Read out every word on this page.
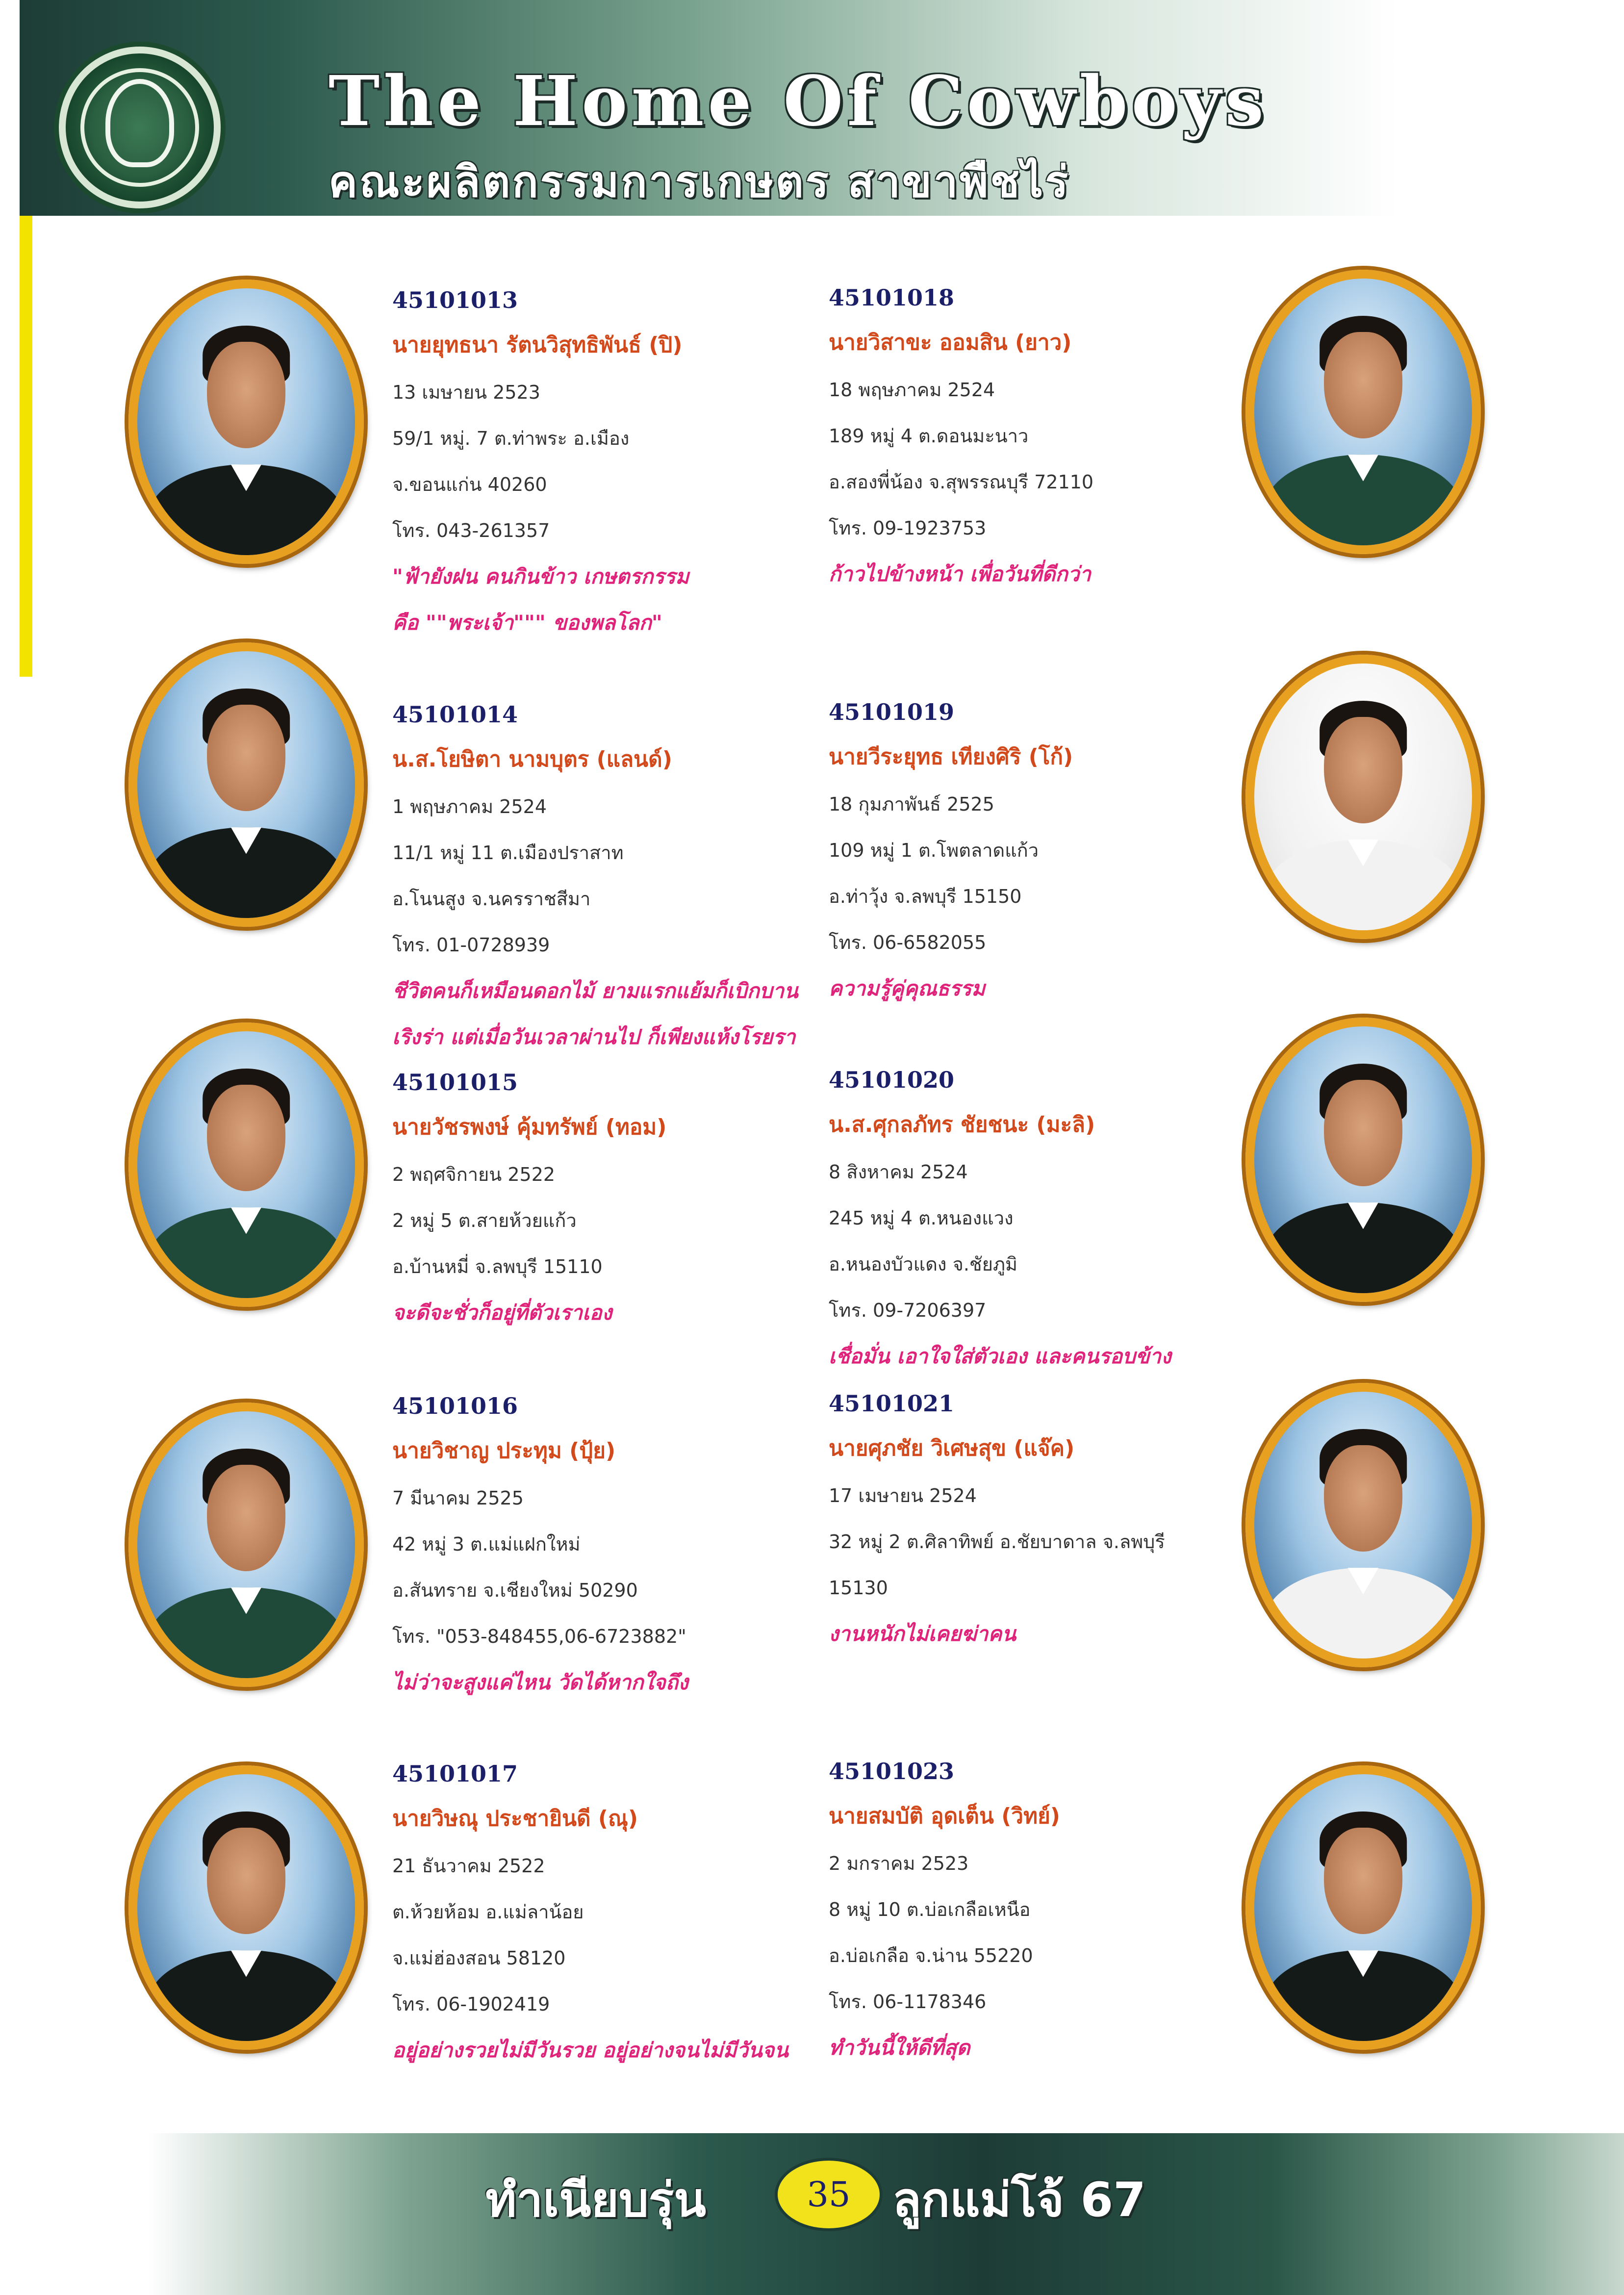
The Home Of Cowboys
คณะผลิตกรรมการเกษตร สาขาพืชไร่
45101013
นายยุทธนา รัตนวิสุทธิพันธ์ (ปิ)
13 เมษายน 2523
59/1 หมู่. 7 ต.ท่าพระ อ.เมือง
จ.ขอนแก่น 40260
โทร. 043-261357
"ฟ้ายังฝน คนกินข้าว เกษตรกรรม
คือ ""พระเจ้า""" ของพลโลก"
45101014
น.ส.โยษิตา นามบุตร (แลนด์)
1 พฤษภาคม 2524
11/1 หมู่ 11 ต.เมืองปราสาท
อ.โนนสูง จ.นครราชสีมา
โทร. 01-0728939
ชีวิตคนก็เหมือนดอกไม้ ยามแรกแย้มก็เบิกบาน
เริงร่า แต่เมื่อวันเวลาผ่านไป ก็เพียงแห้งโรยรา
45101015
นายวัชรพงษ์ คุ้มทรัพย์ (ทอม)
2 พฤศจิกายน 2522
2 หมู่ 5 ต.สายห้วยแก้ว
อ.บ้านหมี่ จ.ลพบุรี 15110
จะดีจะชั่วก็อยู่ที่ตัวเราเอง
45101016
นายวิชาญ ประทุม (ปุ้ย)
7 มีนาคม 2525
42 หมู่ 3 ต.แม่แฝกใหม่
อ.สันทราย จ.เชียงใหม่ 50290
โทร. "053-848455,06-6723882"
ไม่ว่าจะสูงแค่ไหน วัดได้หากใจถึง
45101017
นายวิษณุ ประชายินดี (ณุ)
21 ธันวาคม 2522
ต.ห้วยห้อม อ.แม่ลาน้อย
จ.แม่ฮ่องสอน 58120
โทร. 06-1902419
อยู่อย่างรวยไม่มีวันรวย อยู่อย่างจนไม่มีวันจน
45101018
นายวิสาขะ ออมสิน (ยาว)
18 พฤษภาคม 2524
189 หมู่ 4 ต.ดอนมะนาว
อ.สองพี่น้อง จ.สุพรรณบุรี 72110
โทร. 09-1923753
ก้าวไปข้างหน้า เพื่อวันที่ดีกว่า
45101019
นายวีระยุทธ เทียงศิริ (โก้)
18 กุมภาพันธ์ 2525
109 หมู่ 1 ต.โพตลาดแก้ว
อ.ท่าวุ้ง จ.ลพบุรี 15150
โทร. 06-6582055
ความรู้คู่คุณธรรม
45101020
น.ส.ศุกลภัทร ชัยชนะ (มะลิ)
8 สิงหาคม 2524
245 หมู่ 4 ต.หนองแวง
อ.หนองบัวแดง จ.ชัยภูมิ
โทร. 09-7206397
เชื่อมั่น เอาใจใส่ตัวเอง และคนรอบข้าง
45101021
นายศุภชัย วิเศษสุข (แจ๊ค)
17 เมษายน 2524
32 หมู่ 2 ต.ศิลาทิพย์ อ.ชัยบาดาล จ.ลพบุรี
15130
งานหนักไม่เคยฆ่าคน
45101023
นายสมบัติ อุดเต็น (วิทย์)
2 มกราคม 2523
8 หมู่ 10 ต.บ่อเกลือเหนือ
อ.บ่อเกลือ จ.น่าน 55220
โทร. 06-1178346
ทำวันนี้ให้ดีที่สุด
ทำเนียบรุ่น	35 ลูกแม่โจ้ 67
